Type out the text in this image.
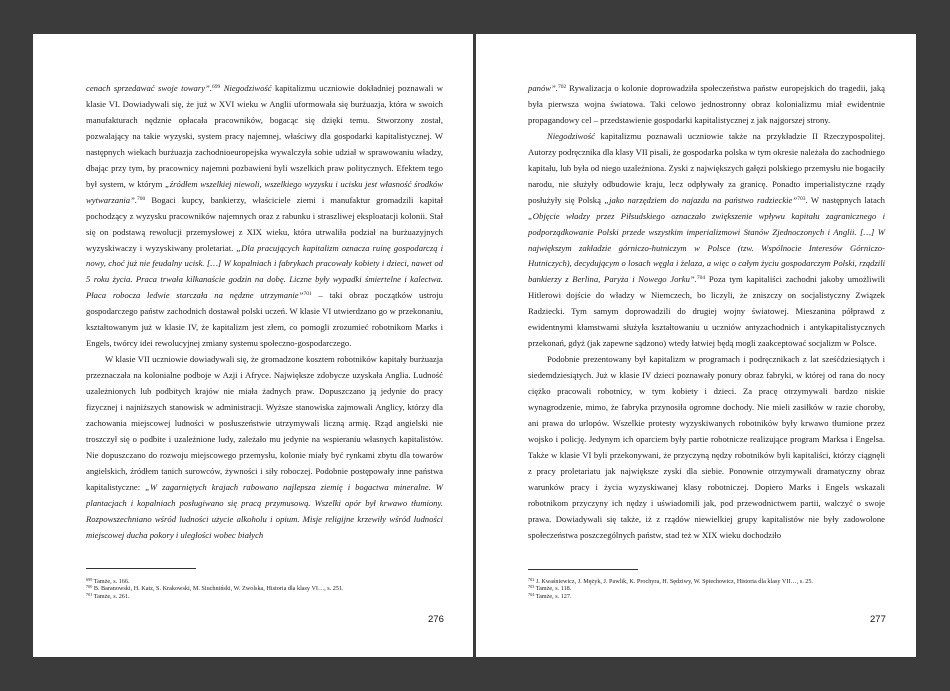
cenach sprzedawać swoje towary”.$^{699}$ Niegodziwość kapitalizmu uczniowie dokładniej poznawali w klasie VI. Dowiadywali się, że już w XVI wieku w Anglii uformowała się burżuazja, która w swoich manufakturach nędznie opłacała pracowników, bogacąc się dzięki temu. Stworzony został, pozwalający na takie wyzyski, system pracy najemnej, właściwy dla gospodarki kapitalistycznej. W następnych wiekach burżuazja zachodnioeuropejska wywalczyła sobie udział w sprawowaniu władzy, dbając przy tym, by pracownicy najemni pozbawieni byli wszelkich praw politycznych. Efektem tego był system, w którym „źródłem wszelkiej niewoli, wszelkiego wyzysku i ucisku jest własność środków wytwarzania”.$^{700}$ Bogaci kupcy, bankierzy, właściciele ziemi i manufaktur gromadzili kapitał pochodzący z wyzysku pracowników najemnych oraz z rabunku i straszliwej eksploatacji kolonii. Stał się on podstawą rewolucji przemysłowej z XIX wieku, która utrwaliła podział na burżuazyjnych wyzyskiwaczy i wyzyskiwany proletariat. „Dla pracujących kapitalizm oznacza ruinę gospodarczą i nowy, choć już nie feudalny ucisk. […] W kopalniach i fabrykach pracowały kobiety i dzieci, nawet od 5 roku życia. Praca trwała kilkanaście godzin na dobę. Liczne były wypadki śmiertelne i kalectwa. Płaca robocza ledwie starczała na nędzne utrzymanie”$^{701}$ – taki obraz początków ustroju gospodarczego państw zachodnich dostawał polski uczeń. W klasie VI utwierdzano go w przekonaniu, kształtowanym już w klasie IV, że kapitalizm jest złem, co pomogli zrozumieć robotnikom Marks i Engels, twórcy idei rewolucyjnej zmiany systemu społeczno-gospodarczego.

W klasie VII uczniowie dowiadywali się, że gromadzone kosztem robotników kapitały burżuazja przeznaczała na kolonialne podboje w Azji i Afryce. Największe zdobycze uzyskała Anglia. Ludność uzależnionych lub podbitych krajów nie miała żadnych praw. Dopuszczano ją jedynie do pracy fizycznej i najniższych stanowisk w administracji. Wyższe stanowiska zajmowali Anglicy, którzy dla zachowania miejscowej ludności w posłuszeństwie utrzymywali liczną armię. Rząd angielski nie troszczył się o podbite i uzależnione ludy, zależało mu jedynie na wspieraniu własnych kapitalistów. Nie dopuszczano do rozwoju miejscowego przemysłu, kolonie miały być rynkami zbytu dla towarów angielskich, źródłem tanich surowców, żywności i siły roboczej. Podobnie postępowały inne państwa kapitalistyczne: „W zagarniętych krajach rabowano najlepsza ziemię i bogactwa mineralne. W plantacjach i kopalniach posługiwano się pracą przymusową. Wszelki opór był krwawo tłumiony. Rozpowszechniano wśród ludności użycie alkoholu i opium. Misje religijne krzewiły wśród ludności miejscowej ducha pokory i uległości wobec białych

$^{699}$ Tamże, s. 166.
$^{700}$ B. Baranowski, H. Katz, S. Krakowski, M. Siuchniński, W. Zwolska, Historia dla klasy VI…, s. 251.
$^{701}$ Tamże, s. 261.
276

panów”.$^{702}$ Rywalizacja o kolonie doprowadziła społeczeństwa państw europejskich do tragedii, jaką była pierwsza wojna światowa. Taki celowo jednostronny obraz kolonializmu miał ewidentnie propagandowy cel – przedstawienie gospodarki kapitalistycznej z jak najgorszej strony.

Niegodziwość kapitalizmu poznawali uczniowie także na przykładzie II Rzeczypospolitej. Autorzy podręcznika dla klasy VII pisali, że gospodarka polska w tym okresie należała do zachodniego kapitału, lub była od niego uzależniona. Zyski z największych gałęzi polskiego przemysłu nie bogaciły narodu, nie służyły odbudowie kraju, lecz odpływały za granicę. Ponadto imperialistyczne rządy posłużyły się Polską „jako narzędziem do najazdu na państwo radzieckie”$^{703}$. W następnych latach „Objęcie władzy przez Piłsudskiego oznaczało zwiększenie wpływu kapitału zagranicznego i podporządkowanie Polski przede wszystkim imperializmowi Stanów Zjednoczonych i Anglii. […] W największym zakładzie górniczo-hutniczym w Polsce (tzw. Wspólnocie Interesów Górniczo-Hutniczych), decydującym o losach węgla i żelaza, a więc o całym życiu gospodarczym Polski, rządzili bankierzy z Berlina, Paryża i Nowego Jorku”.$^{704}$ Poza tym kapitaliści zachodni jakoby umożliwili Hitlerowi dojście do władzy w Niemczech, bo liczyli, że zniszczy on socjalistyczny Związek Radziecki. Tym samym doprowadzili do drugiej wojny światowej. Mieszanina półprawd z ewidentnymi kłamstwami służyła kształtowaniu u uczniów antyzachodnich i antykapitalistycznych przekonań, gdyż (jak zapewne sądzono) wtedy łatwiej będą mogli zaakceptować socjalizm w Polsce.

Podobnie prezentowany był kapitalizm w programach i podręcznikach z lat sześćdziesiątych i siedemdziesiątych. Już w klasie IV dzieci poznawały ponury obraz fabryki, w której od rana do nocy ciężko pracowali robotnicy, w tym kobiety i dzieci. Za pracę otrzymywali bardzo niskie wynagrodzenie, mimo, że fabryka przynosiła ogromne dochody. Nie mieli zasiłków w razie choroby, ani prawa do urlopów. Wszelkie protesty wyzyskiwanych robotników były krwawo tłumione przez wojsko i policję. Jedynym ich oparciem były partie robotnicze realizujące program Marksa i Engelsa. Także w klasie VI byli przekonywani, że przyczyną nędzy robotników byli kapitaliści, którzy ciągnęli z pracy proletariatu jak największe zyski dla siebie. Ponownie otrzymywali dramatyczny obraz warunków pracy i życia wyzyskiwanej klasy robotniczej. Dopiero Marks i Engels wskazali robotnikom przyczyny ich nędzy i uświadomili jak, pod przewodnictwem partii, walczyć o swoje prawa. Dowiadywali się także, iż z rządów niewielkiej grupy kapitalistów nie były zadowolone społeczeństwa poszczególnych państw, stad też w XIX wieku dochodziło

$^{702}$ J. Kwaśniewicz, J. Mężyk, J. Pawlik, K. Prochyra, H. Sędziwy, W. Spiechowicz, Historia dla klasy VII…, s. 25.
$^{703}$ Tamże, s. 118.
$^{704}$ Tamże, s. 127.
277
